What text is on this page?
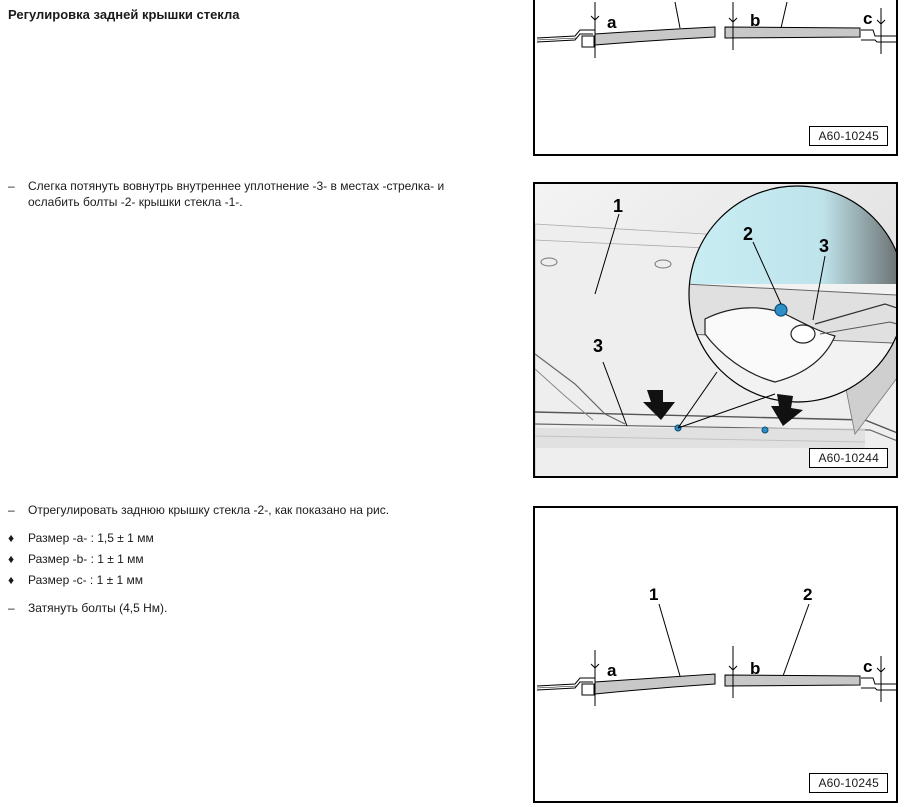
Регулировка задней крышки стекла
–	Слегка потянуть вовнутрь внутреннее уплотнение -3- в местах -стрелка- и
ослабить болты -2- крышки стекла -1-.
–	Отрегулировать заднюю крышку стекла -2-, как показано на рис.
♦	Размер -a- : 1,5 ± 1 мм
♦	Размер -b- : 1 ± 1 мм
♦	Размер -c- : 1 ± 1 мм
–	Затянуть болты (4,5 Нм).
a	b	c
A60-10245
1
2
3
3
A60-10244
1	2
a	b	c
A60-10245
